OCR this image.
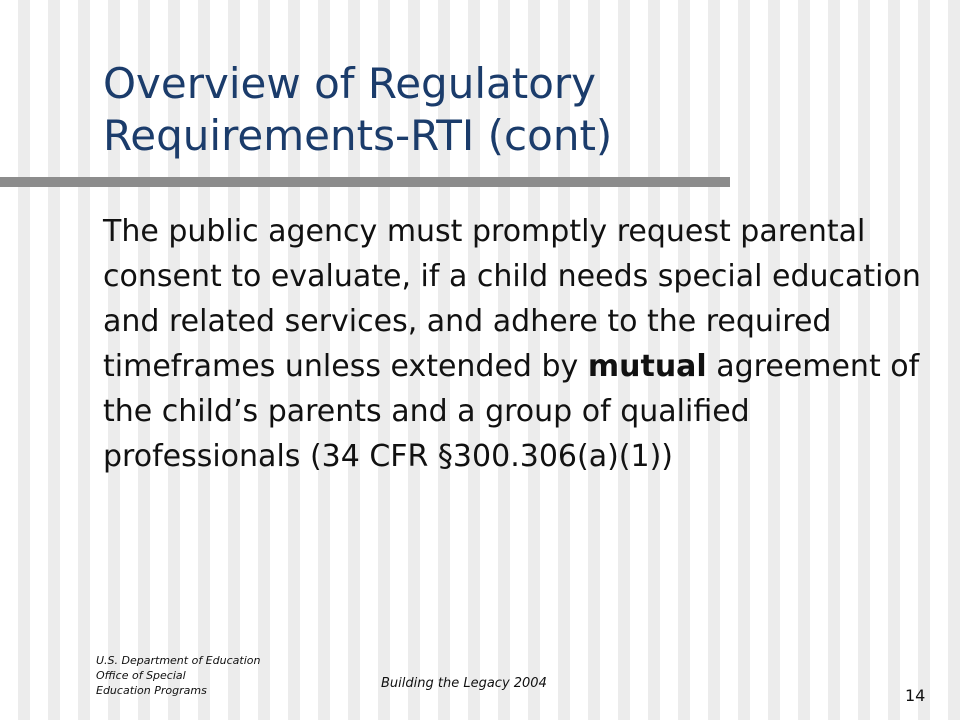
Overview of Regulatory
Requirements-RTI (cont)

The public agency must promptly request parental consent to evaluate, if a child needs special education and related services, and adhere to the required timeframes unless extended by mutual agreement of the child’s parents and a group of qualified professionals (34 CFR §300.306(a)(1))

U.S. Department of Education
Office of Special
Education Programs	Building the Legacy 2004
14
